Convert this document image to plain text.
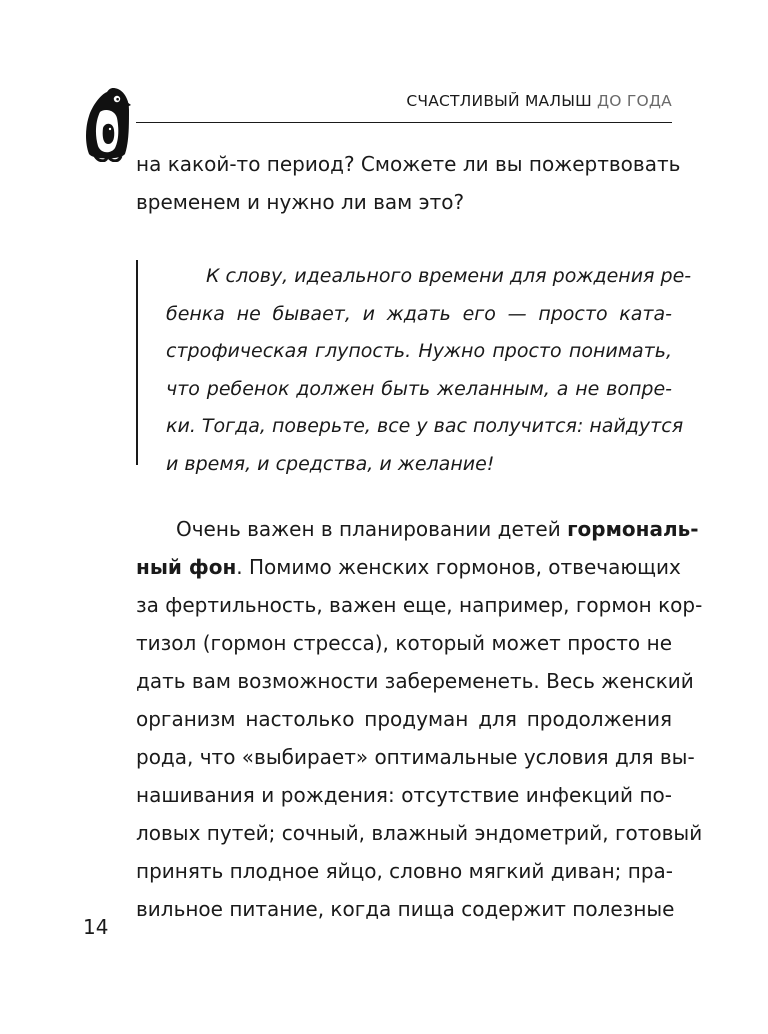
СЧАСТЛИВЫЙ МАЛЫШ ДО ГОДА
на какой-то период? Сможете ли вы пожертвовать
временем и нужно ли вам это?
К слову, идеального времени для рождения ре-
бенка не бывает, и ждать его — просто ката-
строфическая глупость. Нужно просто понимать,
что ребенок должен быть желанным, а не вопре-
ки. Тогда, поверьте, все у вас получится: найдутся
и время, и средства, и желание!
Очень важен в планировании детей гормональ-
ный фон. Помимо женских гормонов, отвечающих
за фертильность, важен еще, например, гормон кор-
тизол (гормон стресса), который может просто не
дать вам возможности забеременеть. Весь женский
организм настолько продуман для продолжения
рода, что «выбирает» оптимальные условия для вы-
нашивания и рождения: отсутствие инфекций по-
ловых путей; сочный, влажный эндометрий, готовый
принять плодное яйцо, словно мягкий диван; пра-
вильное питание, когда пища содержит полезные
14
